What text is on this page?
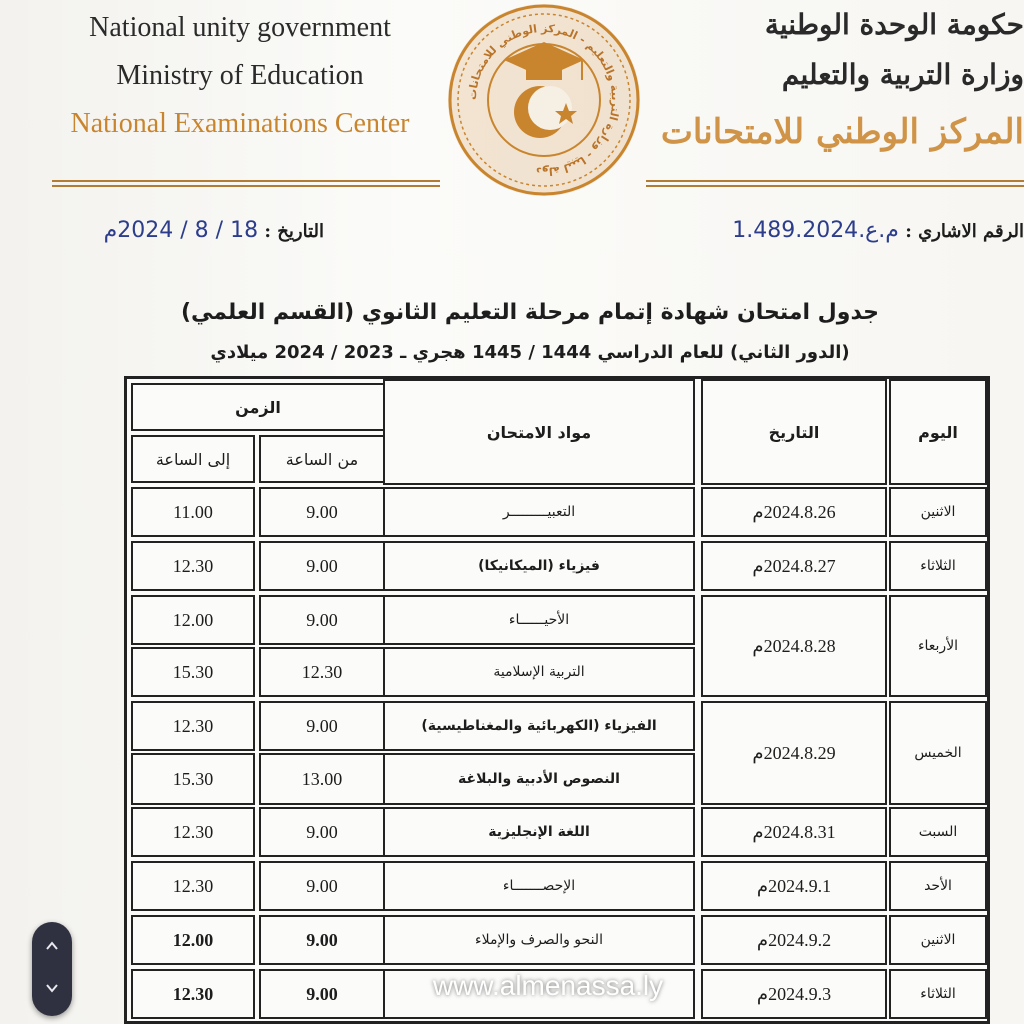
National unity government
Ministry of Education
National Examinations Center
دولة ليبيا - وزارة التربية والتعليم - المركز الوطني للامتحانات
حكومة الوحدة الوطنية
وزارة التربية والتعليم
المركز الوطني للامتحانات
التاريخ : 18 / 8 / 2024م	الرقم الاشاري : م.ع.1.489.2024
جدول امتحان شهادة إتمام مرحلة التعليم الثانوي (القسم العلمي)
(الدور الثاني) للعام الدراسي 1444 / 1445 هجري ـ 2023 / 2024 ميلادي
اليوم
التاريخ
مواد الامتحان
الزمن
من الساعة
إلى الساعة
الاثنين
2024.8.26م
التعبيـــــــــر
9.00
11.00
الثلاثاء
2024.8.27م
فيزياء (الميكانيكا)
9.00
12.30
الأربعاء
2024.8.28م
الأحيــــــاء
9.00
12.00
التربية الإسلامية
12.30
15.30
الخميس
2024.8.29م
الفيزياء (الكهربائية والمغناطيسية)
9.00
12.30
النصوص الأدبية والبلاغة
13.00
15.30
السبت
2024.8.31م
اللغة الإنجليزية
9.00
12.30
الأحد
2024.9.1م
الإحصـــــــاء
9.00
12.30
الاثنين
2024.9.2م
النحو والصرف والإملاء
9.00
12.00
الثلاثاء
2024.9.3م
9.00
12.30	www.almenassa.ly
